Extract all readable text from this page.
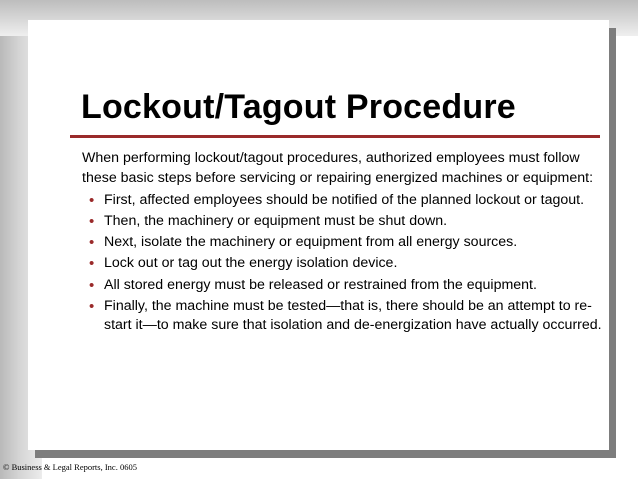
Lockout/Tagout Procedure

When performing lockout/tagout procedures, authorized employees must follow these basic steps before servicing or repairing energized machines or equipment:

• First, affected employees should be notified of the planned lockout or tagout.
• Then, the machinery or equipment must be shut down.
• Next, isolate the machinery or equipment from all energy sources.
• Lock out or tag out the energy isolation device.
• All stored energy must be released or restrained from the equipment.
• Finally, the machine must be tested—that is, there should be an attempt to re-start it—to make sure that isolation and de-energization have actually occurred.

© Business & Legal Reports, Inc. 0605
